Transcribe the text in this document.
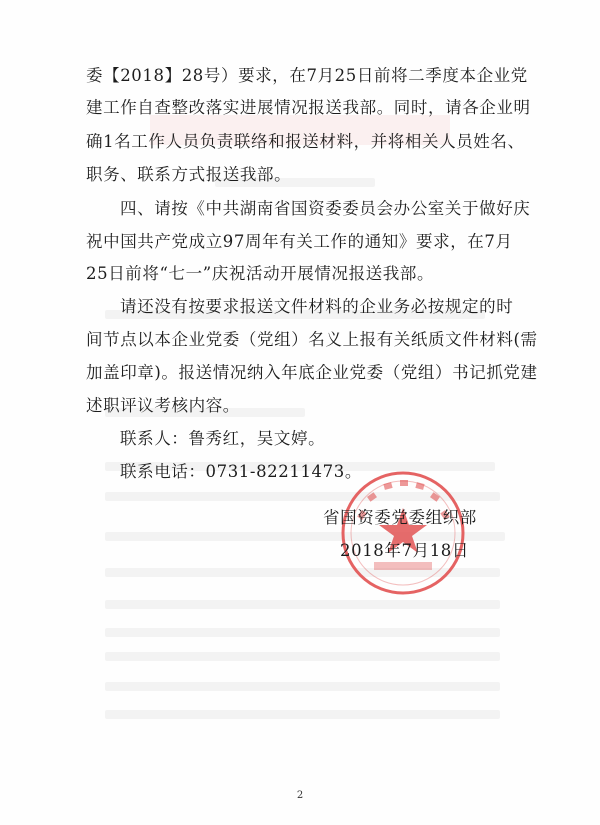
委【2018】28号）要求，在7月25日前将二季度本企业党
建工作自查整改落实进展情况报送我部。同时，请各企业明
确1名工作人员负责联络和报送材料，并将相关人员姓名、
职务、联系方式报送我部。
四、请按《中共湖南省国资委委员会办公室关于做好庆
祝中国共产党成立97周年有关工作的通知》要求，在7月
25日前将“七一”庆祝活动开展情况报送我部。
请还没有按要求报送文件材料的企业务必按规定的时
间节点以本企业党委（党组）名义上报有关纸质文件材料(需
加盖印章)。报送情况纳入年底企业党委（党组）书记抓党建
述职评议考核内容。
联系人：鲁秀红，吴文婷。
联系电话：0731-82211473。
省国资委党委组织部
2018年7月18日
2
